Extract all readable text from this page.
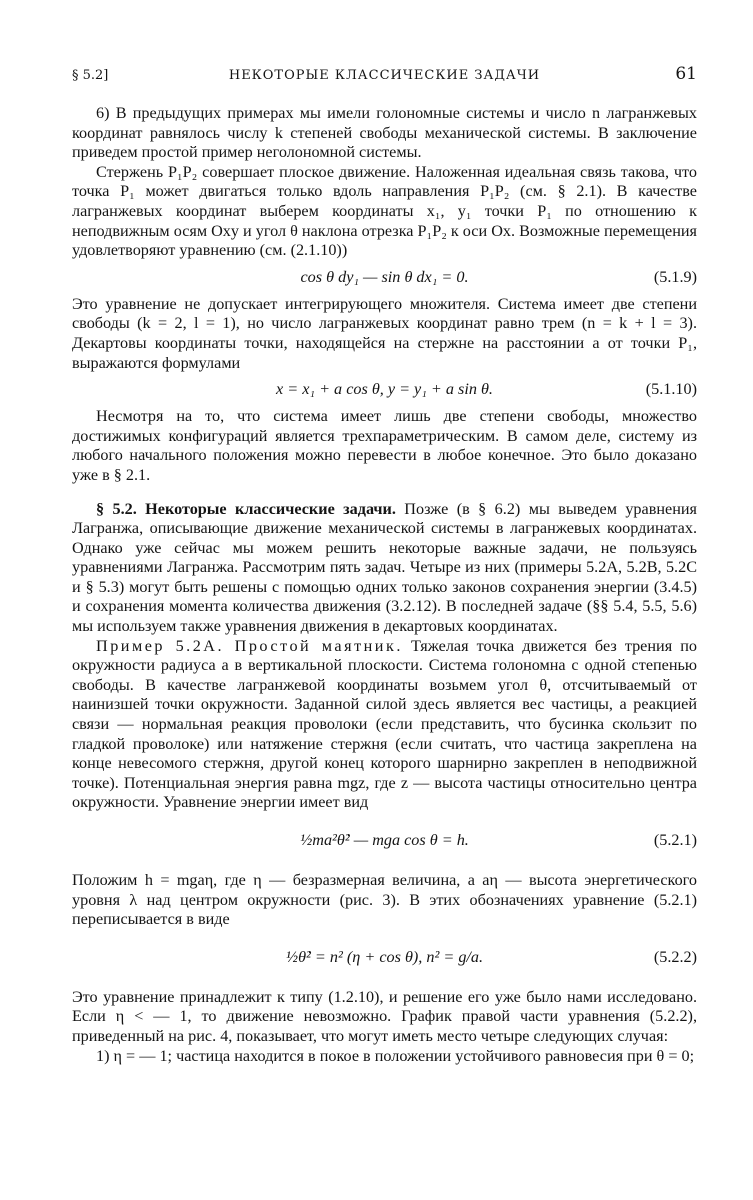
§ 5.2]	НЕКОТОРЫЕ КЛАССИЧЕСКИЕ ЗАДАЧИ	61

6) В предыдущих примерах мы имели голономные системы и число n лагранжевых координат равнялось числу k степеней свободы механической системы. В заключение приведем простой пример неголономной системы.

Стержень P₁P₂ совершает плоское движение. Наложенная идеальная связь такова, что точка P₁ может двигаться только вдоль направления P₁P₂ (см. § 2.1). В качестве лагранжевых координат выберем координаты x₁, y₁ точки P₁ по отношению к неподвижным осям Oxy и угол θ наклона отрезка P₁P₂ к оси Ox. Возможные перемещения удовлетворяют уравнению (см. (2.1.10))

cos θ dy₁ — sin θ dx₁ = 0.	(5.1.9)

Это уравнение не допускает интегрирующего множителя. Система имеет две степени свободы (k = 2, l = 1), но число лагранжевых координат равно трем (n = k + l = 3). Декартовы координаты точки, находящейся на стержне на расстоянии a от точки P₁, выражаются формулами

x = x₁ + a cos θ, y = y₁ + a sin θ.	(5.1.10)

Несмотря на то, что система имеет лишь две степени свободы, множество достижимых конфигураций является трехпараметрическим. В самом деле, систему из любого начального положения можно перевести в любое конечное. Это было доказано уже в § 2.1.

§ 5.2. Некоторые классические задачи. Позже (в § 6.2) мы выведем уравнения Лагранжа, описывающие движение механической системы в лагранжевых координатах. Однако уже сейчас мы можем решить некоторые важные задачи, не пользуясь уравнениями Лагранжа. Рассмотрим пять задач. Четыре из них (примеры 5.2A, 5.2B, 5.2C и § 5.3) могут быть решены с помощью одних только законов сохранения энергии (3.4.5) и сохранения момента количества движения (3.2.12). В последней задаче (§§ 5.4, 5.5, 5.6) мы используем также уравнения движения в декартовых координатах.

Пример 5.2A. Простой маятник. Тяжелая точка движется без трения по окружности радиуса a в вертикальной плоскости. Система голономна с одной степенью свободы. В качестве лагранжевой координаты возьмем угол θ, отсчитываемый от наинизшей точки окружности. Заданной силой здесь является вес частицы, а реакцией связи — нормальная реакция проволоки (если представить, что бусинка скользит по гладкой проволоке) или натяжение стержня (если считать, что частица закреплена на конце невесомого стержня, другой конец которого шарнирно закреплен в неподвижной точке). Потенциальная энергия равна mgz, где z — высота частицы относительно центра окружности. Уравнение энергии имеет вид

½ma²θ̇² — mga cos θ = h.	(5.2.1)

Положим h = mgaη, где η — безразмерная величина, а aη — высота энергетического уровня λ над центром окружности (рис. 3). В этих обозначениях уравнение (5.2.1) переписывается в виде

½θ̇² = n² (η + cos θ), n² = g/a.	(5.2.2)

Это уравнение принадлежит к типу (1.2.10), и решение его уже было нами исследовано. Если η < — 1, то движение невозможно. График правой части уравнения (5.2.2), приведенный на рис. 4, показывает, что могут иметь место четыре следующих случая:

1) η = — 1; частица находится в покое в положении устойчивого равновесия при θ = 0;
